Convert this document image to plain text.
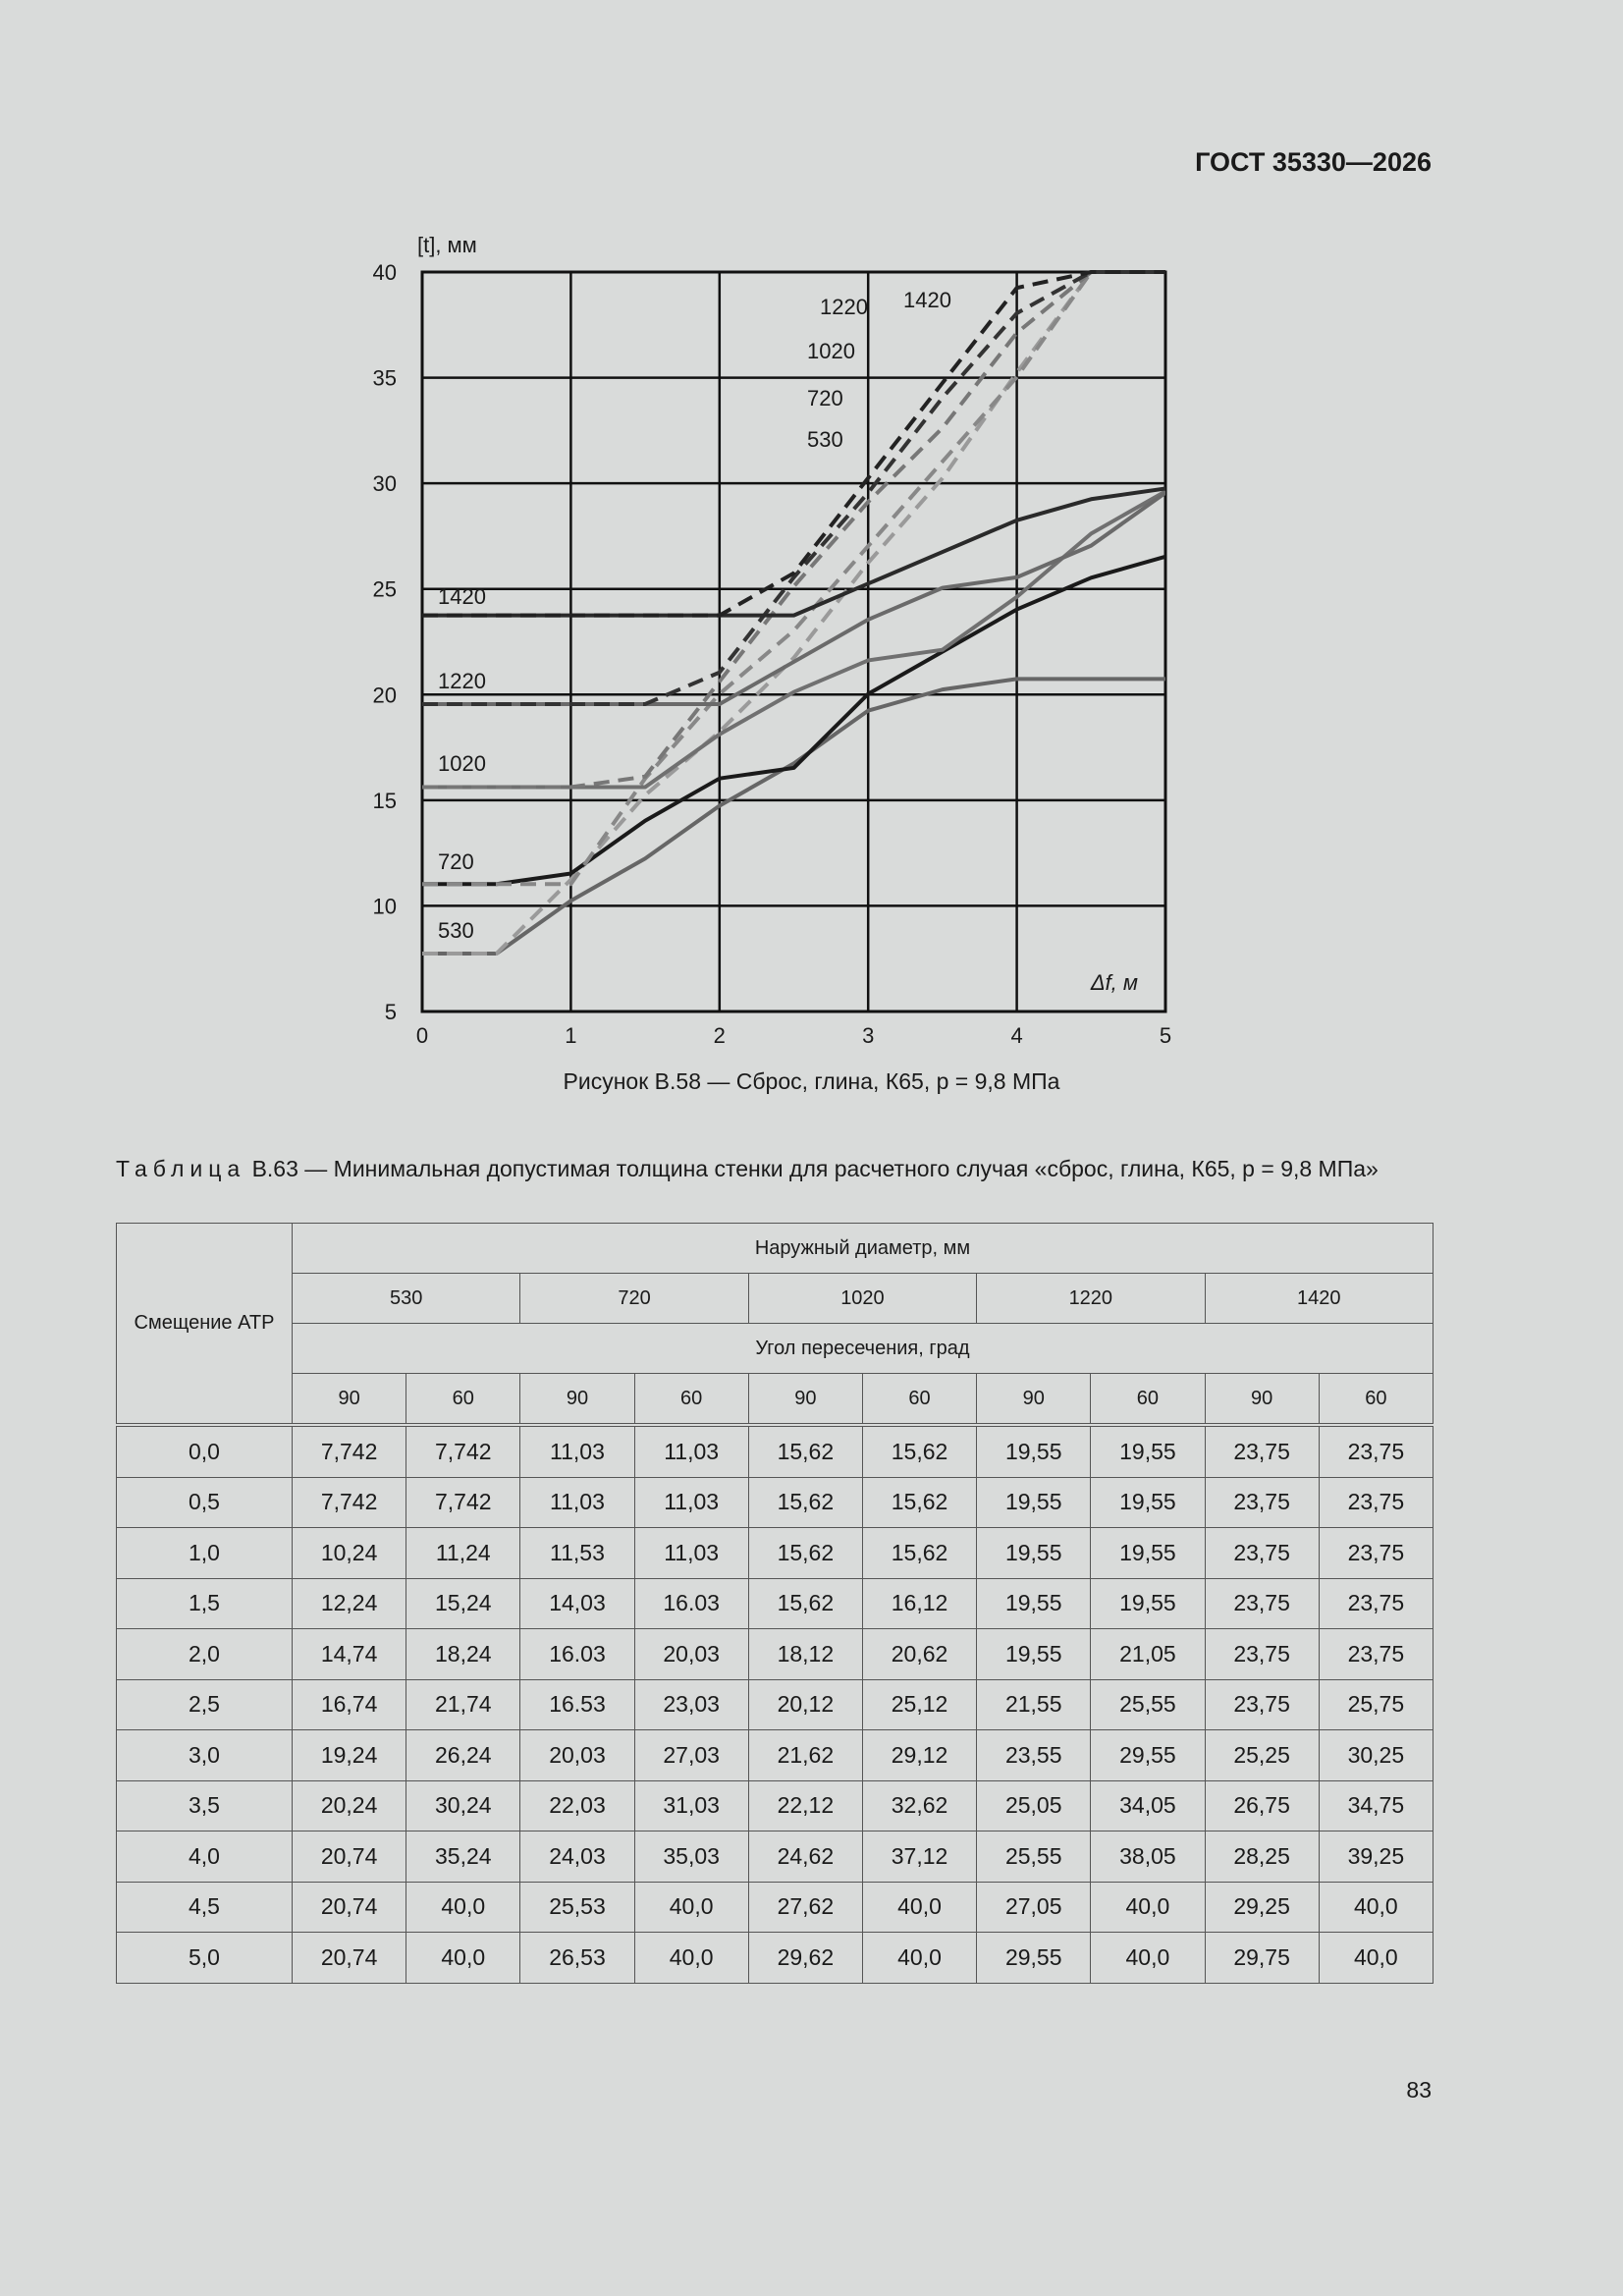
ГОСТ 35330—2026
0	1	2	3	4	5
5
10
15
20
25
30
35
40
[t], мм
Δf, м
530
530
720
720
1020
1020
1220
1220
1420
1420
Рисунок В.58 — Сброс, глина, К65, р = 9,8 МПа
Таблица В.63 — Минимальная допустимая толщина стенки для расчетного случая «сброс, глина, К65, р = 9,8 МПа»
Смещение АТР	Наружный диаметр, мм									
	530		720		1020		1220		1420	
	Угол пересечения, град									
	90	60	90	60	90	60	90	60	90	60
0,0	7,742	7,742	11,03	11,03	15,62	15,62	19,55	19,55	23,75	23,75
0,5	7,742	7,742	11,03	11,03	15,62	15,62	19,55	19,55	23,75	23,75
1,0	10,24	11,24	11,53	11,03	15,62	15,62	19,55	19,55	23,75	23,75
1,5	12,24	15,24	14,03	16.03	15,62	16,12	19,55	19,55	23,75	23,75
2,0	14,74	18,24	16.03	20,03	18,12	20,62	19,55	21,05	23,75	23,75
2,5	16,74	21,74	16.53	23,03	20,12	25,12	21,55	25,55	23,75	25,75
3,0	19,24	26,24	20,03	27,03	21,62	29,12	23,55	29,55	25,25	30,25
3,5	20,24	30,24	22,03	31,03	22,12	32,62	25,05	34,05	26,75	34,75
4,0	20,74	35,24	24,03	35,03	24,62	37,12	25,55	38,05	28,25	39,25
4,5	20,74	40,0	25,53	40,0	27,62	40,0	27,05	40,0	29,25	40,0
5,0	20,74	40,0	26,53	40,0	29,62	40,0	29,55	40,0	29,75	40,0
83
